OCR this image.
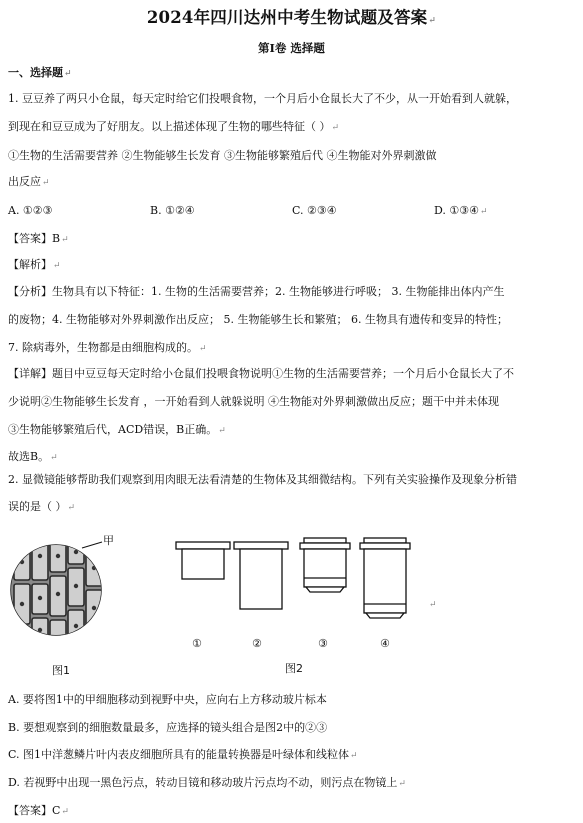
2024年四川达州中考生物试题及答案↵
第Ⅰ卷 选择题
一、选择题↵
1. 豆豆养了两只小仓鼠，每天定时给它们投喂食物，一个月后小仓鼠长大了不少，从一开始看到人就躲，
到现在和豆豆成为了好朋友。以上描述体现了生物的哪些特征（ ）↵
①生物的生活需要营养 ②生物能够生长发育 ③生物能够繁殖后代 ④生物能对外界刺激做
出反应↵
A. ①②③	B. ①②④	C. ②③④	D. ①③④↵
【答案】B↵
【解析】↵
【分析】生物具有以下特征：1. 生物的生活需要营养；2. 生物能够进行呼吸； 3. 生物能排出体内产生
的废物；4. 生物能够对外界刺激作出反应； 5. 生物能够生长和繁殖； 6. 生物具有遗传和变异的特性；
7. 除病毒外，生物都是由细胞构成的。↵
【详解】题目中豆豆每天定时给小仓鼠们投喂食物说明①生物的生活需要营养；一个月后小仓鼠长大了不
少说明②生物能够生长发育 ，一开始看到人就躲说明 ④生物能对外界刺激做出反应；题干中并未体现
③生物能够繁殖后代，ACD错误，B正确。↵
故选B。↵
2. 显微镜能够帮助我们观察到用肉眼无法看清楚的生物体及其细微结构。下列有关实验操作及现象分析错
误的是（ ）↵
甲
图1
↵
①	②	③	④
图2
A. 要将图1中的甲细胞移动到视野中央，应向右上方移动玻片标本
B. 要想观察到的细胞数量最多，应选择的镜头组合是图2中的②③
C. 图1中洋葱鳞片叶内表皮细胞所具有的能量转换器是叶绿体和线粒体↵
D. 若视野中出现一黑色污点，转动目镜和移动玻片污点均不动，则污点在物镜上↵
【答案】C↵
